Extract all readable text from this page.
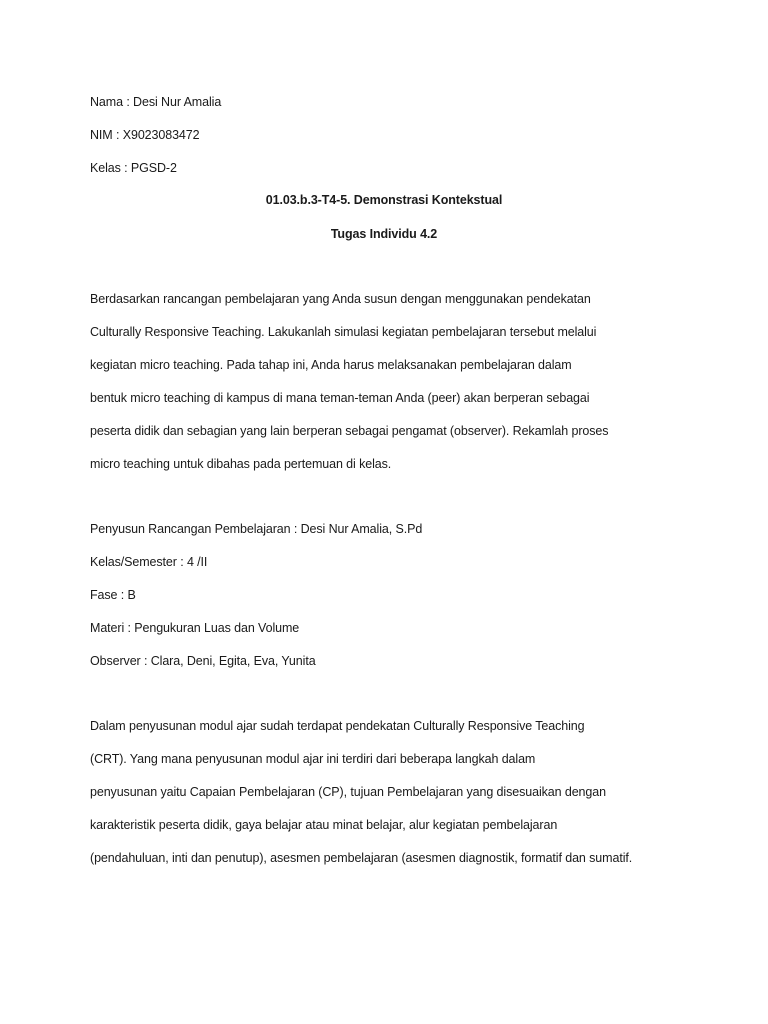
Nama : Desi Nur Amalia
NIM : X9023083472
Kelas : PGSD-2
01.03.b.3-T4-5. Demonstrasi Kontekstual
Tugas Individu 4.2
Berdasarkan rancangan pembelajaran yang Anda susun dengan menggunakan pendekatan
Culturally Responsive Teaching. Lakukanlah simulasi kegiatan pembelajaran tersebut melalui
kegiatan micro teaching. Pada tahap ini, Anda harus melaksanakan pembelajaran dalam
bentuk micro teaching di kampus di mana teman-teman Anda (peer) akan berperan sebagai
peserta didik dan sebagian yang lain berperan sebagai pengamat (observer). Rekamlah proses
micro teaching untuk dibahas pada pertemuan di kelas.
Penyusun Rancangan Pembelajaran : Desi Nur Amalia, S.Pd
Kelas/Semester : 4 /II
Fase : B
Materi : Pengukuran Luas dan Volume
Observer : Clara, Deni, Egita, Eva, Yunita
Dalam penyusunan modul ajar sudah terdapat pendekatan Culturally Responsive Teaching
(CRT). Yang mana penyusunan modul ajar ini terdiri dari beberapa langkah dalam
penyusunan yaitu Capaian Pembelajaran (CP), tujuan Pembelajaran yang disesuaikan dengan
karakteristik peserta didik, gaya belajar atau minat belajar, alur kegiatan pembelajaran
(pendahuluan, inti dan penutup), asesmen pembelajaran (asesmen diagnostik, formatif dan sumatif.
